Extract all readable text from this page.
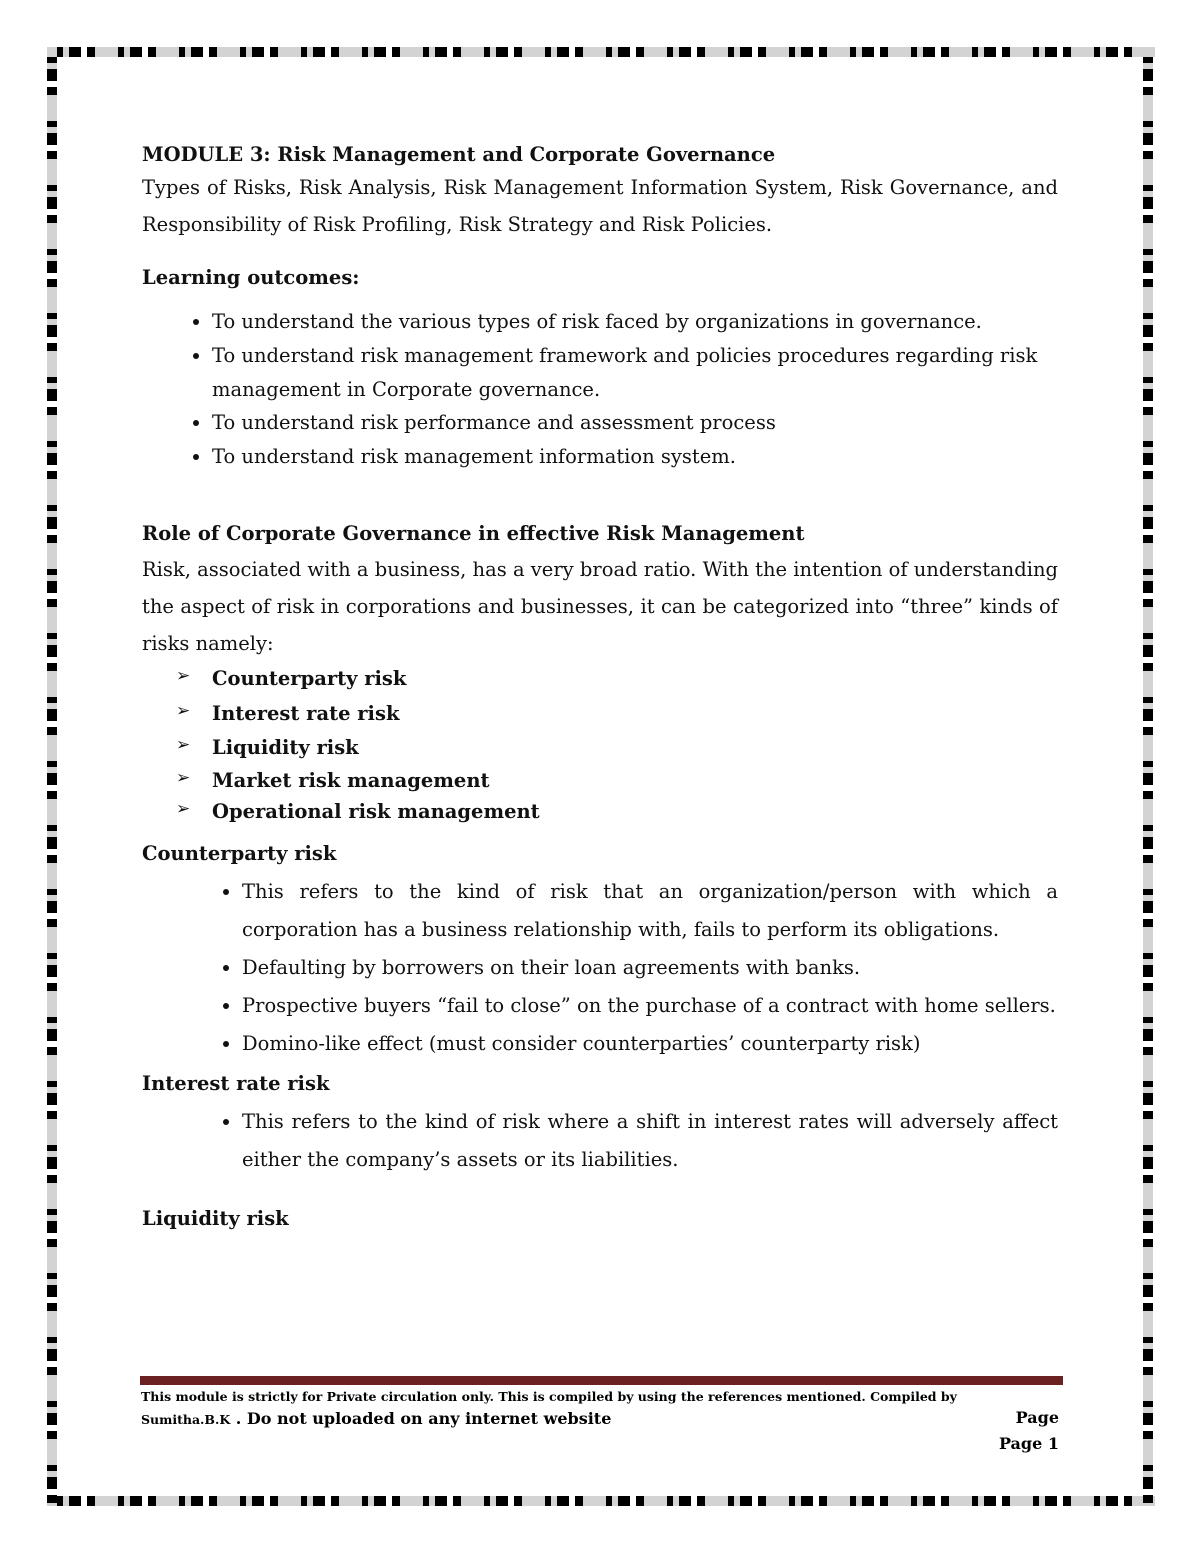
MODULE 3: Risk Management and Corporate Governance

Types of Risks, Risk Analysis, Risk Management Information System, Risk Governance, and Responsibility of Risk Profiling, Risk Strategy and Risk Policies.

Learning outcomes:

• To understand the various types of risk faced by organizations in governance.
• To understand risk management framework and policies procedures regarding risk management in Corporate governance.
• To understand risk performance and assessment process
• To understand risk management information system.

Role of Corporate Governance in effective Risk Management

Risk, associated with a business, has a very broad ratio. With the intention of understanding the aspect of risk in corporations and businesses, it can be categorized into “three” kinds of risks namely:

➢ Counterparty risk
➢ Interest rate risk
➢ Liquidity risk
➢ Market risk management
➢ Operational risk management

Counterparty risk

• This refers to the kind of risk that an organization/person with which a corporation has a business relationship with, fails to perform its obligations.
• Defaulting by borrowers on their loan agreements with banks.
• Prospective buyers “fail to close” on the purchase of a contract with home sellers.
• Domino-like effect (must consider counterparties’ counterparty risk)

Interest rate risk

• This refers to the kind of risk where a shift in interest rates will adversely affect either the company’s assets or its liabilities.

Liquidity risk

This module is strictly for Private circulation only. This is compiled by using the references mentioned. Compiled by
Sumitha.B.K . Do not uploaded on any internet website	Page
Page 1
